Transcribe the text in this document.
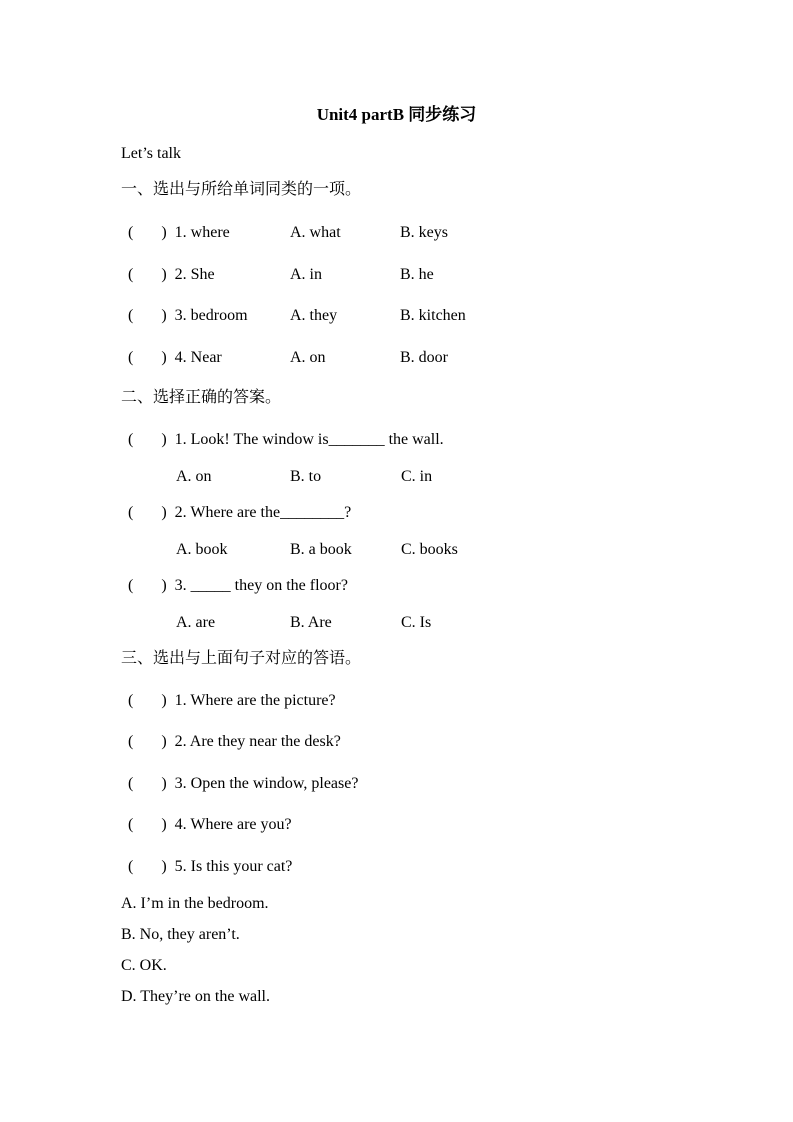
Unit4 partB 同步练习
Let’s talk
一、选出与所给单词同类的一项。
(       )  1. where	A. what	B. keys
(       )  2. She	A. in	B. he
(       )  3. bedroom	A. they	B. kitchen
(       )  4. Near	A. on	B. door
二、选择正确的答案。
(       )  1. Look! The window is_______ the wall.
A. on	B. to	C. in
(       )  2. Where are the________?
A. book	B. a book	C. books
(       )  3. _____ they on the floor?
A. are	B. Are	C. Is
三、选出与上面句子对应的答语。
(       )  1. Where are the picture?
(       )  2. Are they near the desk?
(       )  3. Open the window, please?
(       )  4. Where are you?
(       )  5. Is this your cat?
A. I’m in the bedroom.
B. No, they aren’t.
C. OK.
D. They’re on the wall.
